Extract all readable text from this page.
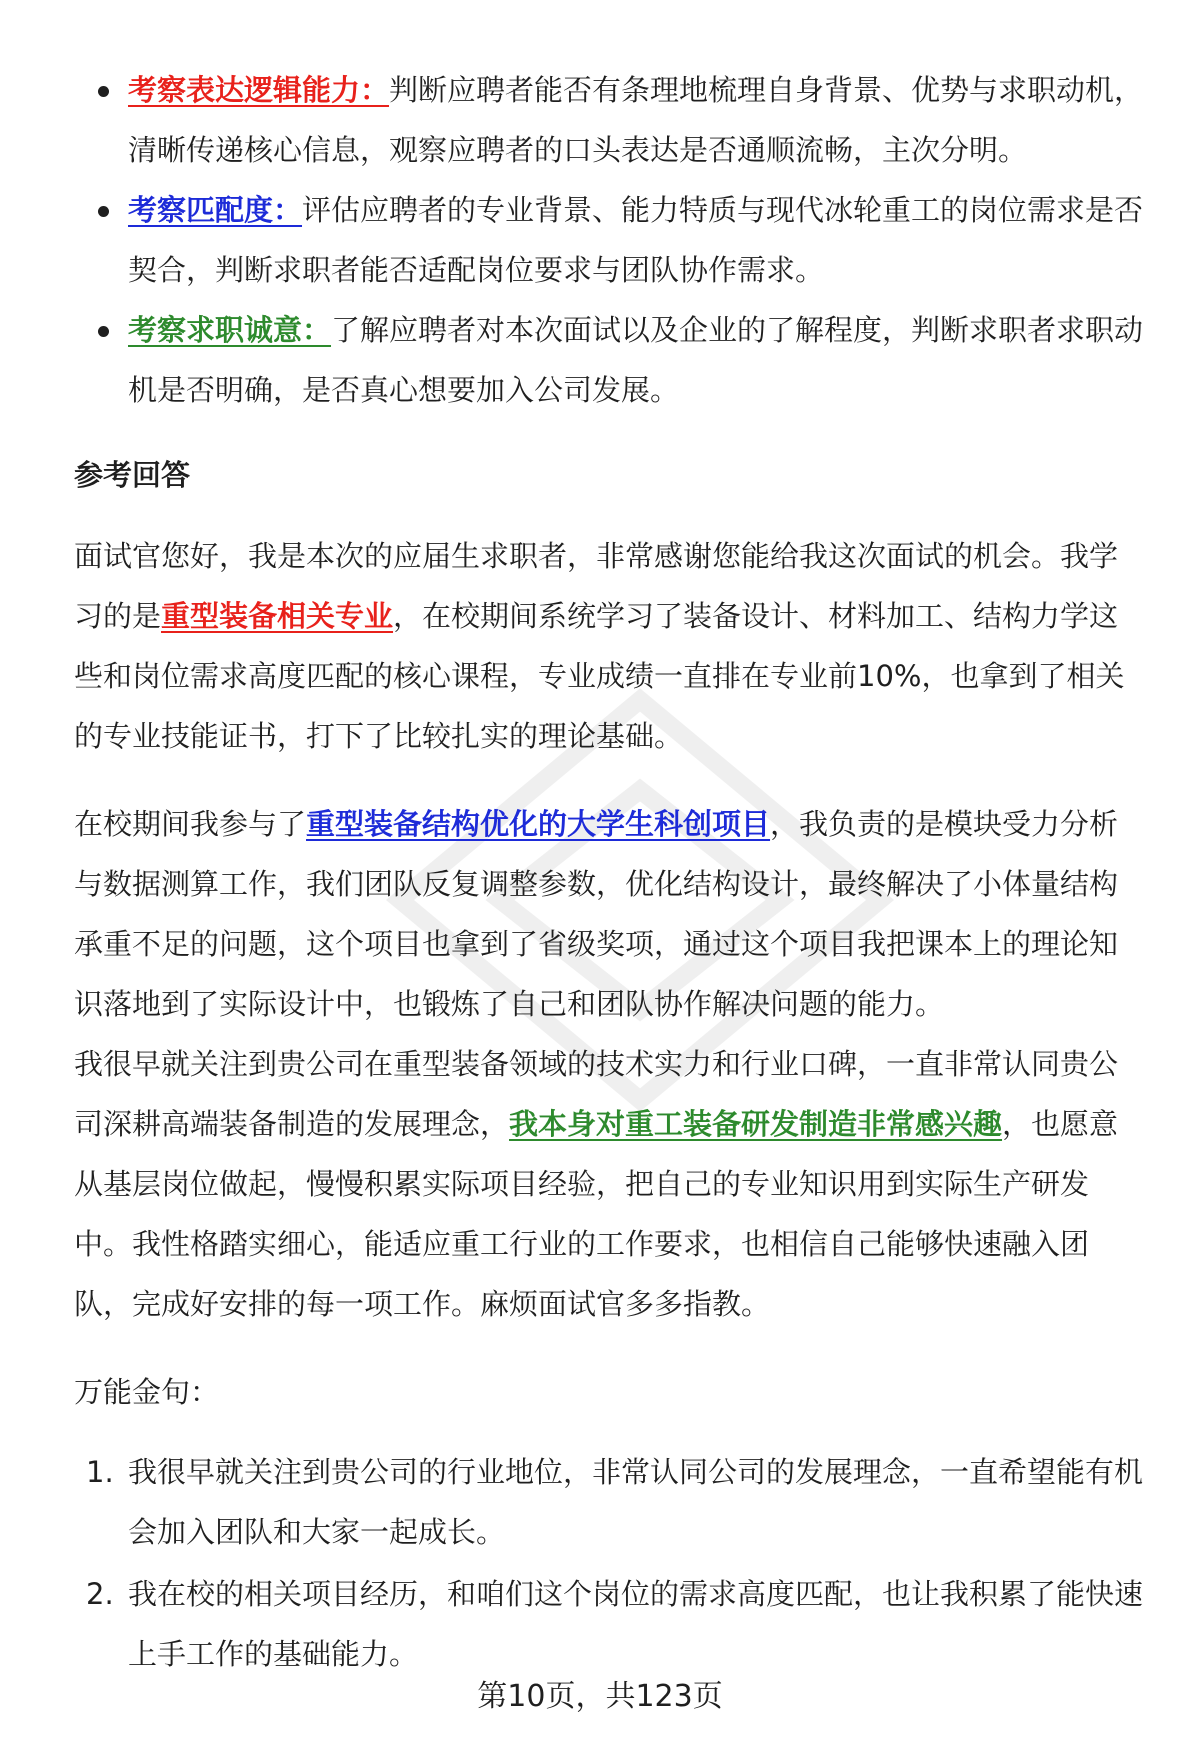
考察表达逻辑能力：判断应聘者能否有条理地梳理自身背景、优势与求职动机，清晰传递核心信息，观察应聘者的口头表达是否通顺流畅，主次分明。
考察匹配度：评估应聘者的专业背景、能力特质与现代冰轮重工的岗位需求是否契合，判断求职者能否适配岗位要求与团队协作需求。
考察求职诚意：了解应聘者对本次面试以及企业的了解程度，判断求职者求职动机是否明确，是否真心想要加入公司发展。
参考回答

面试官您好，我是本次的应届生求职者，非常感谢您能给我这次面试的机会。我学习的是重型装备相关专业，在校期间系统学习了装备设计、材料加工、结构力学这些和岗位需求高度匹配的核心课程，专业成绩一直排在专业前10%，也拿到了相关的专业技能证书，打下了比较扎实的理论基础。

在校期间我参与了重型装备结构优化的大学生科创项目，我负责的是模块受力分析与数据测算工作，我们团队反复调整参数，优化结构设计，最终解决了小体量结构承重不足的问题，这个项目也拿到了省级奖项，通过这个项目我把课本上的理论知识落地到了实际设计中，也锻炼了自己和团队协作解决问题的能力。

我很早就关注到贵公司在重型装备领域的技术实力和行业口碑，一直非常认同贵公司深耕高端装备制造的发展理念，我本身对重工装备研发制造非常感兴趣，也愿意从基层岗位做起，慢慢积累实际项目经验，把自己的专业知识用到实际生产研发中。我性格踏实细心，能适应重工行业的工作要求，也相信自己能够快速融入团队，完成好安排的每一项工作。麻烦面试官多多指教。

万能金句：
1. 我很早就关注到贵公司的行业地位，非常认同公司的发展理念，一直希望能有机会加入团队和大家一起成长。
2. 我在校的相关项目经历，和咱们这个岗位的需求高度匹配，也让我积累了能快速上手工作的基础能力。
第10页，共123页
